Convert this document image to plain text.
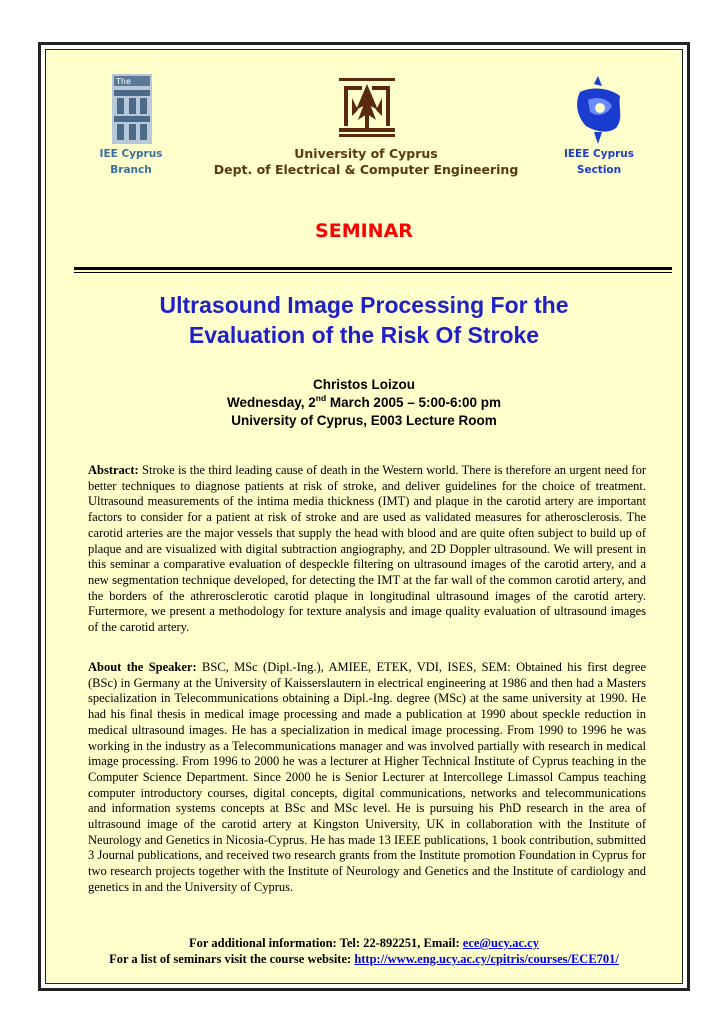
The
IEE Cyprus
Branch
University of Cyprus
Dept. of Electrical & Computer Engineering
IEEE Cyprus
Section
SEMINAR
Ultrasound Image Processing For the
Evaluation of the Risk Of Stroke
Christos Loizou
Wednesday, 2nd March 2005 – 5:00-6:00 pm
University of Cyprus, E003 Lecture Room
Abstract: Stroke is the third leading cause of death in the Western world. There is therefore an urgent need for better techniques to diagnose patients at risk of stroke, and deliver guidelines for the choice of treatment. Ultrasound measurements of the intima media thickness (IMT) and plaque in the carotid artery are important factors to consider for a patient at risk of stroke and are used as validated measures for atherosclerosis. The carotid arteries are the major vessels that supply the head with blood and are quite often subject to build up of plaque and are visualized with digital subtraction angiography, and 2D Doppler ultrasound. We will present in this seminar a comparative evaluation of despeckle filtering on ultrasound images of the carotid artery, and a new segmentation technique developed, for detecting the IMT at the far wall of the common carotid artery, and the borders of the athrerosclerotic carotid plaque in longitudinal ultrasound images of the carotid artery. Furtermore, we present a methodology for texture analysis and image quality evaluation of ultrasound images of the carotid artery.
About the Speaker: BSC, MSc (Dipl.-Ing.), AMIEE, ETEK, VDI, ISES, SEM: Obtained his first degree (BSc) in Germany at the University of Kaisserslautern in electrical engineering at 1986 and then had a Masters specialization in Telecommunications obtaining a Dipl.-Ing. degree (MSc) at the same university at 1990. He had his final thesis in medical image processing and made a publication at 1990 about speckle reduction in medical ultrasound images. He has a specialization in medical image processing. From 1990 to 1996 he was working in the industry as a Telecommunications manager and was involved partially with research in medical image processing. From 1996 to 2000 he was a lecturer at Higher Technical Institute of Cyprus teaching in the Computer Science Department. Since 2000 he is Senior Lecturer at Intercollege Limassol Campus teaching computer introductory courses, digital concepts, digital communications, networks and telecommunications and information systems concepts at BSc and MSc level. He is pursuing his PhD research in the area of ultrasound image of the carotid artery at Kingston University, UK in collaboration with the Institute of Neurology and Genetics in Nicosia-Cyprus. He has made 13 IEEE publications, 1 book contribution, submitted 3 Journal publications, and received two research grants from the Institute promotion Foundation in Cyprus for two research projects together with the Institute of Neurology and Genetics and the Institute of cardiology and genetics in and the University of Cyprus.
For additional information: Tel: 22-892251, Email: ece@ucy.ac.cy
For a list of seminars visit the course website: http://www.eng.ucy.ac.cy/cpitris/courses/ECE701/
